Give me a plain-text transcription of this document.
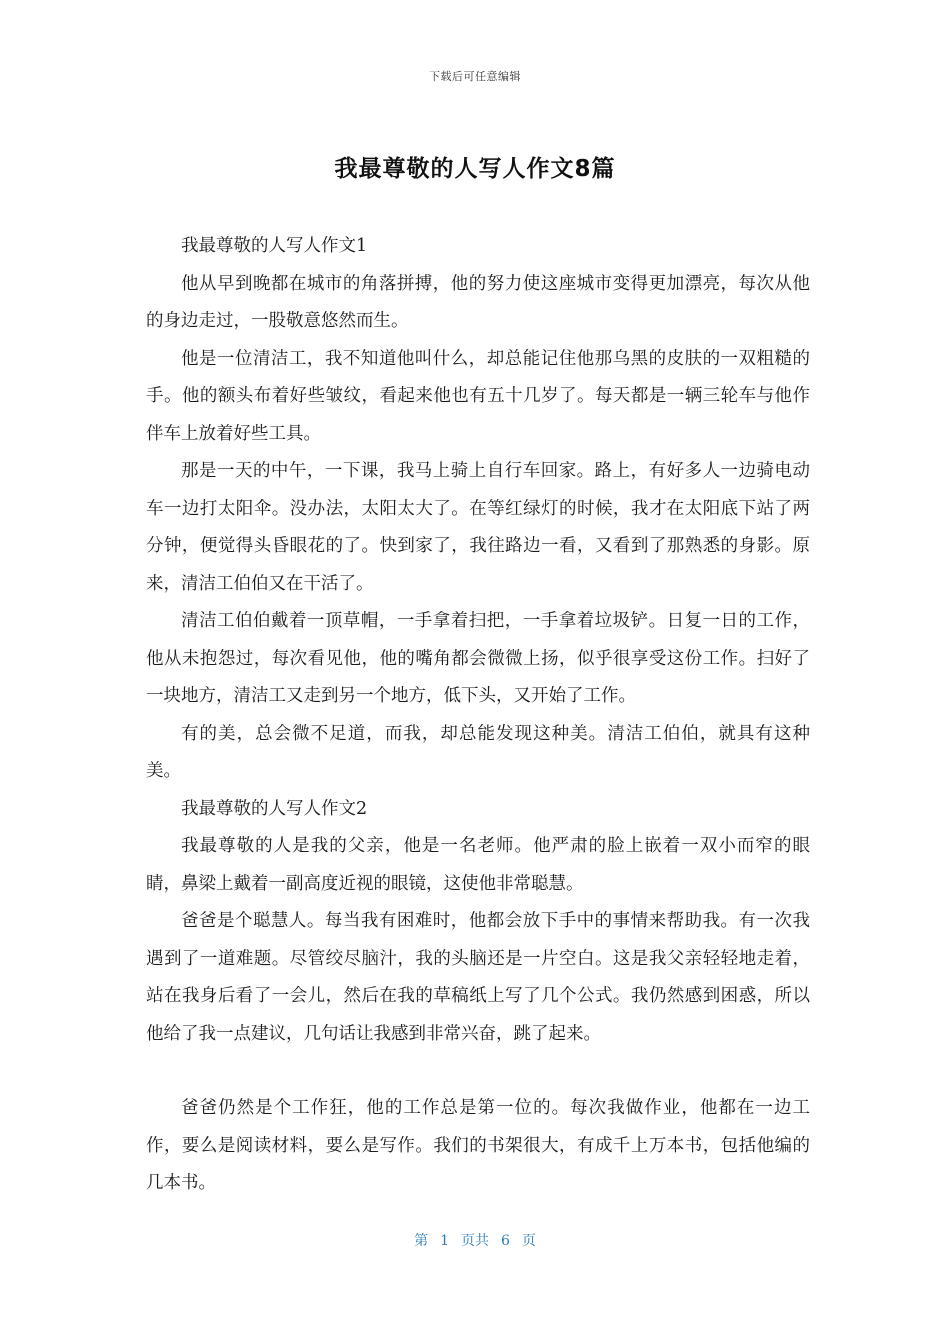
下载后可任意编辑
我最尊敬的人写人作文8篇

我最尊敬的人写人作文1

他从早到晚都在城市的角落拼搏，他的努力使这座城市变得更加漂亮，每次从他的身边走过，一股敬意悠然而生。

他是一位清洁工，我不知道他叫什么，却总能记住他那乌黑的皮肤的一双粗糙的手。他的额头布着好些皱纹，看起来他也有五十几岁了。每天都是一辆三轮车与他作伴车上放着好些工具。

那是一天的中午，一下课，我马上骑上自行车回家。路上，有好多人一边骑电动车一边打太阳伞。没办法，太阳太大了。在等红绿灯的时候，我才在太阳底下站了两分钟，便觉得头昏眼花的了。快到家了，我往路边一看，又看到了那熟悉的身影。原来，清洁工伯伯又在干活了。

清洁工伯伯戴着一顶草帽，一手拿着扫把，一手拿着垃圾铲。日复一日的工作，他从未抱怨过，每次看见他，他的嘴角都会微微上扬，似乎很享受这份工作。扫好了一块地方，清洁工又走到另一个地方，低下头，又开始了工作。

有的美，总会微不足道，而我，却总能发现这种美。清洁工伯伯，就具有这种美。

我最尊敬的人写人作文2

我最尊敬的人是我的父亲，他是一名老师。他严肃的脸上嵌着一双小而窄的眼睛，鼻梁上戴着一副高度近视的眼镜，这使他非常聪慧。

爸爸是个聪慧人。每当我有困难时，他都会放下手中的事情来帮助我。有一次我遇到了一道难题。尽管绞尽脑汁，我的头脑还是一片空白。这是我父亲轻轻地走着，站在我身后看了一会儿，然后在我的草稿纸上写了几个公式。我仍然感到困惑，所以他给了我一点建议，几句话让我感到非常兴奋，跳了起来。

爸爸仍然是个工作狂，他的工作总是第一位的。每次我做作业，他都在一边工作，要么是阅读材料，要么是写作。我们的书架很大，有成千上万本书，包括他编的几本书。

第 1 页共 6 页
